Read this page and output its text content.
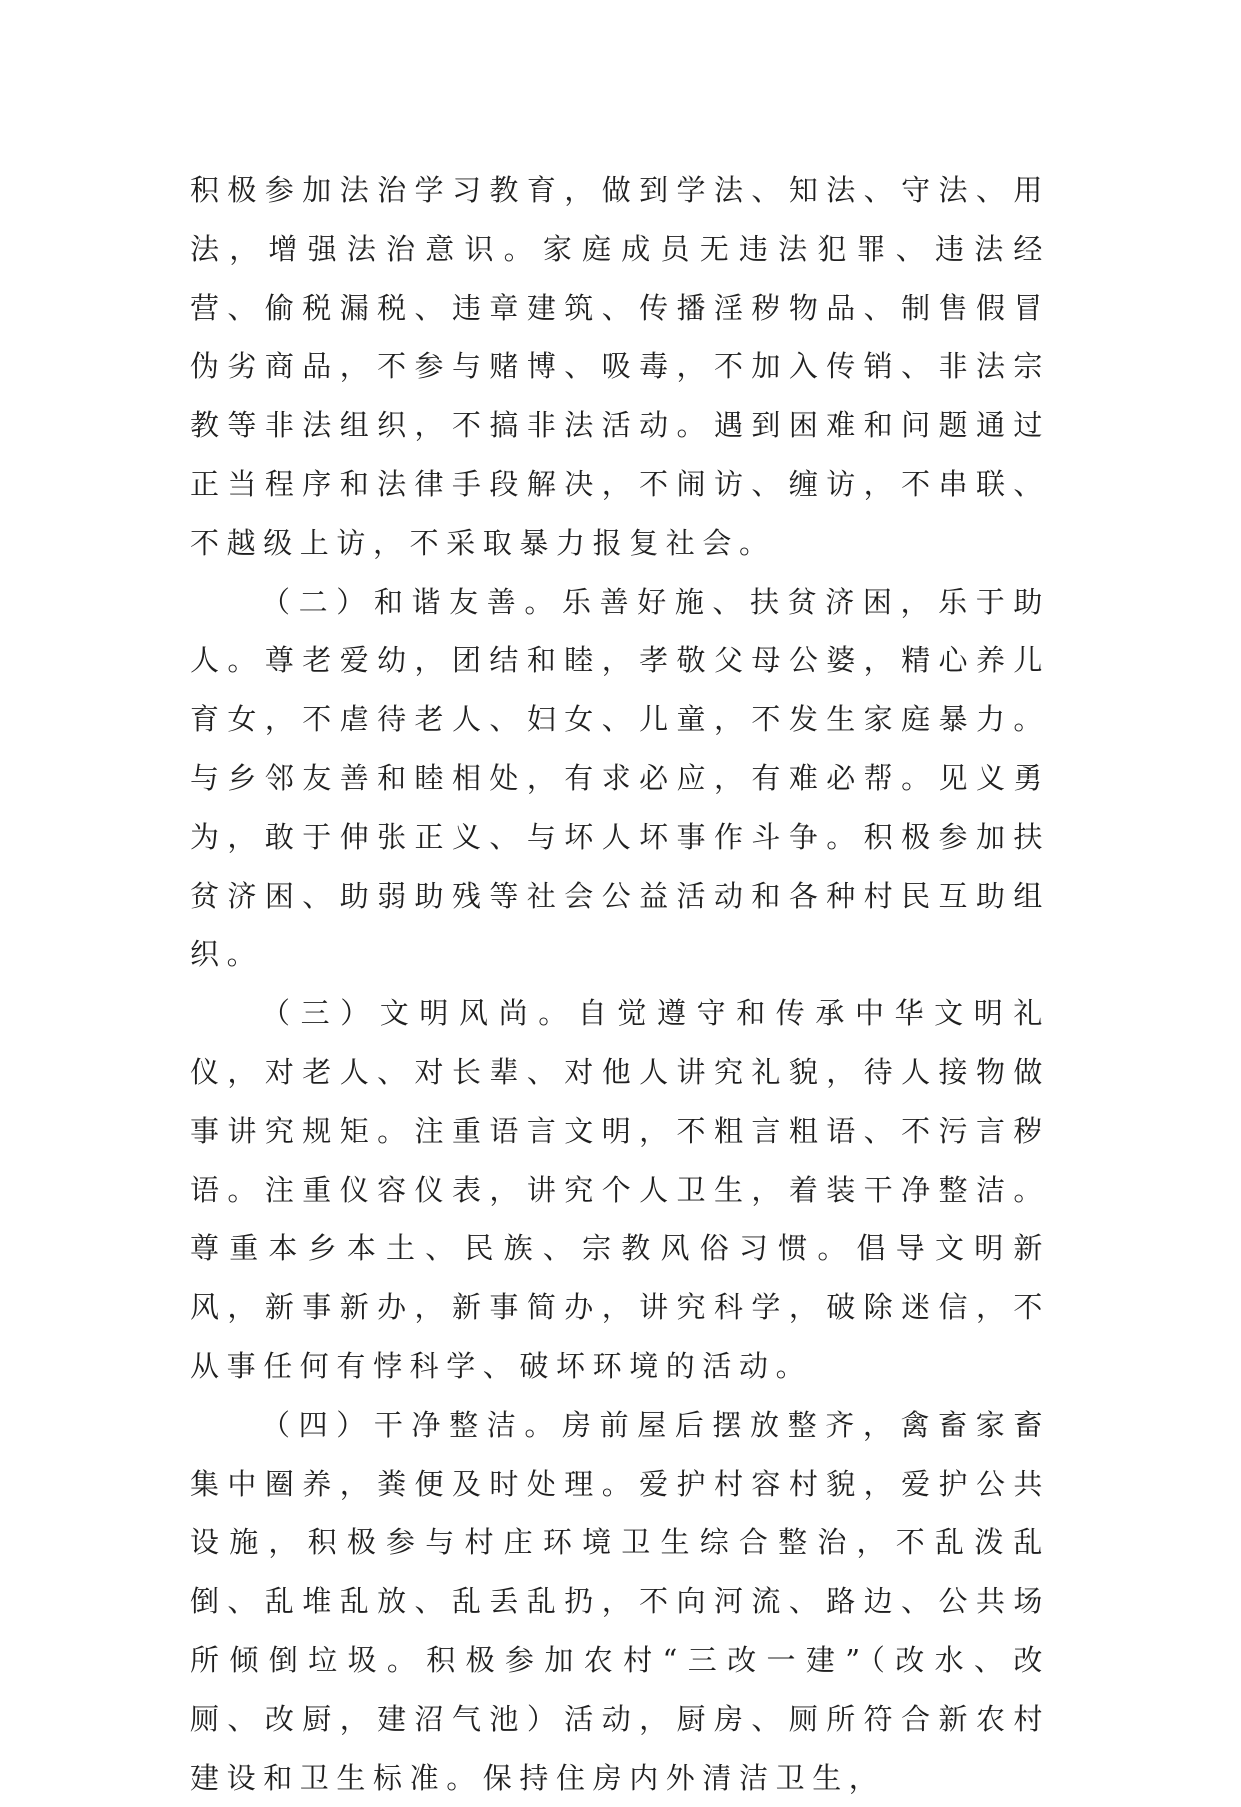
积极参加法治学习教育，做到学法、知法、守法、用法，增强法治意识。家庭成员无违法犯罪、违法经营、偷税漏税、违章建筑、传播淫秽物品、制售假冒伪劣商品，不参与赌博、吸毒，不加入传销、非法宗教等非法组织，不搞非法活动。遇到困难和问题通过正当程序和法律手段解决，不闹访、缠访，不串联、不越级上访，不采取暴力报复社会。

（二）和谐友善。乐善好施、扶贫济困，乐于助人。尊老爱幼，团结和睦，孝敬父母公婆，精心养儿育女，不虐待老人、妇女、儿童，不发生家庭暴力。与乡邻友善和睦相处，有求必应，有难必帮。见义勇为，敢于伸张正义、与坏人坏事作斗争。积极参加扶贫济困、助弱助残等社会公益活动和各种村民互助组织。

（三）文明风尚。自觉遵守和传承中华文明礼仪，对老人、对长辈、对他人讲究礼貌，待人接物做事讲究规矩。注重语言文明，不粗言粗语、不污言秽语。注重仪容仪表，讲究个人卫生，着装干净整洁。尊重本乡本土、民族、宗教风俗习惯。倡导文明新风，新事新办，新事简办，讲究科学，破除迷信，不从事任何有悖科学、破坏环境的活动。

（四）干净整洁。房前屋后摆放整齐，禽畜家畜集中圈养，粪便及时处理。爱护村容村貌，爱护公共设施，积极参与村庄环境卫生综合整治，不乱泼乱倒、乱堆乱放、乱丢乱扔，不向河流、路边、公共场所倾倒垃圾。积极参加农村“三改一建”（改水、改厕、改厨，建沼气池）活动，厨房、厕所符合新农村建设和卫生标准。保持住房内外清洁卫生，
